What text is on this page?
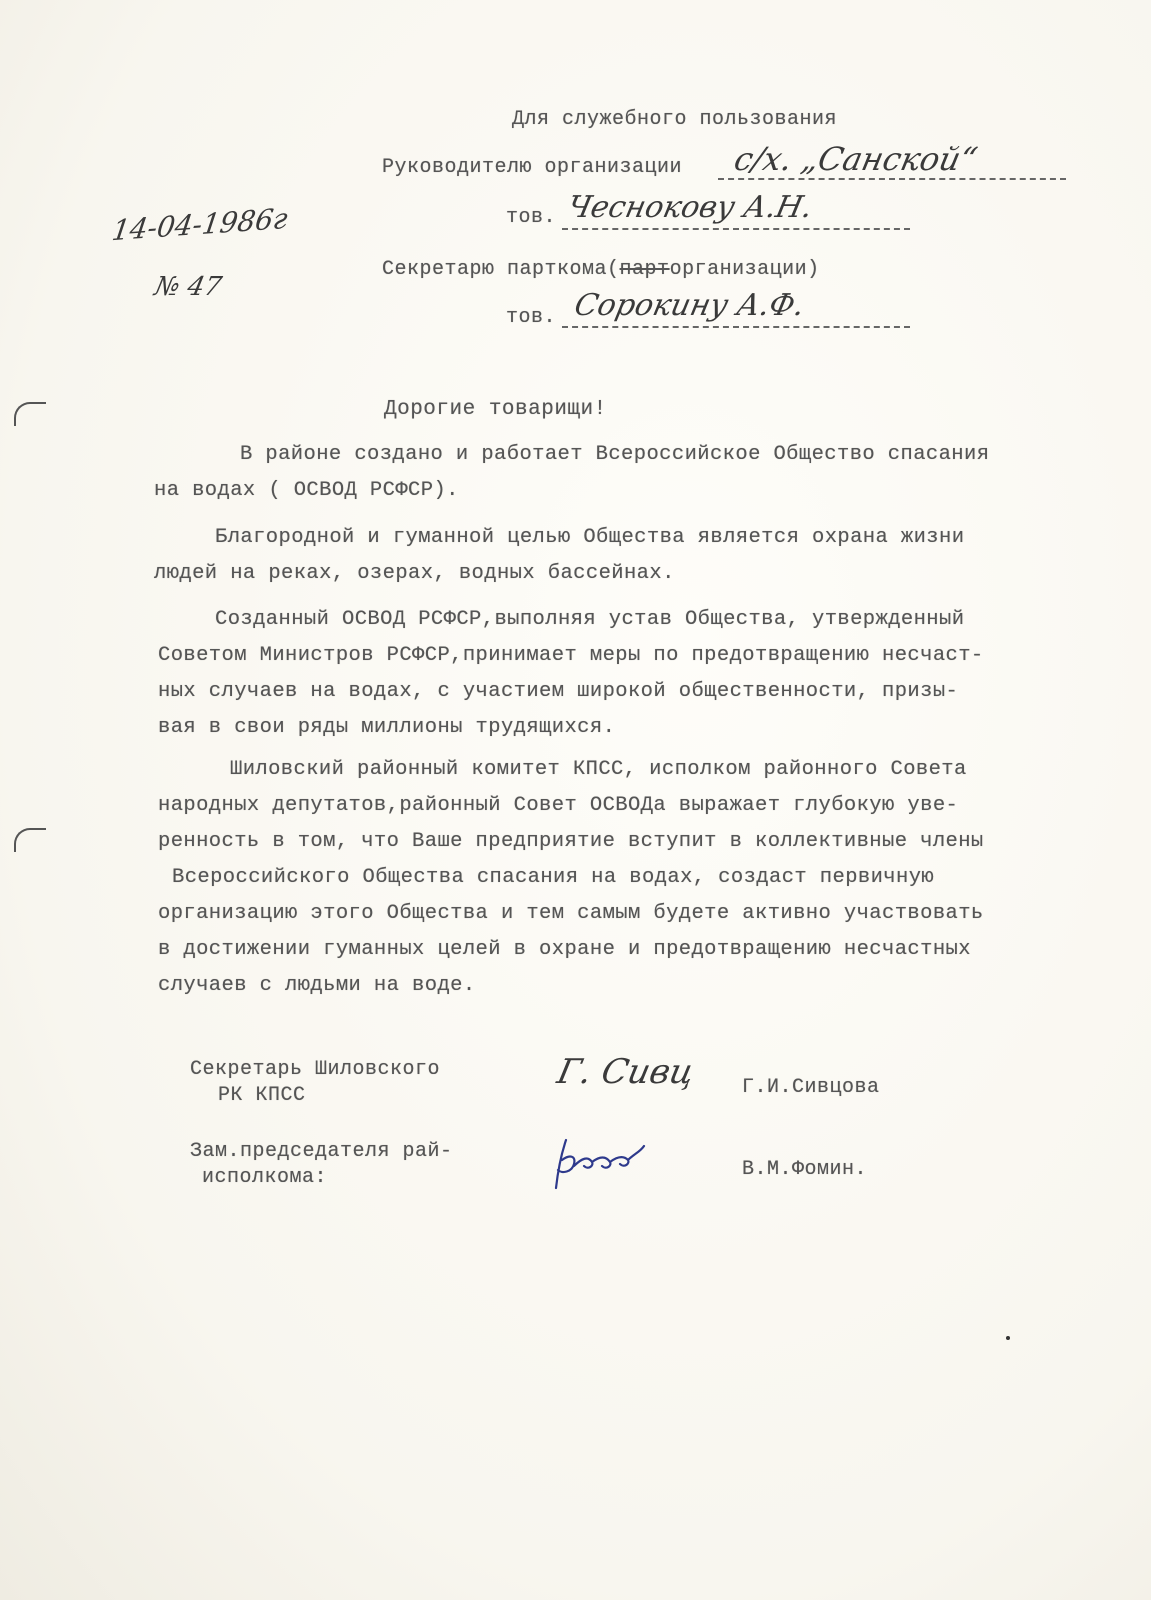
Для служебного пользования
Руководителю организации с/х. „Санской“
тов. Чеснокову А.Н.
Секретарю парткома(парторганизации)
тов. Сорокину А.Ф.
14-04-1986г
№ 47
Дорогие товарищи!
В районе создано и работает Всероссийское Общество спасания
на водах ( ОСВОД РСФСР).
Благородной и гуманной целью Общества является охрана жизни
людей на реках, озерах, водных бассейнах.
Созданный ОСВОД РСФСР,выполняя устав Общества, утвержденный
Советом Министров РСФСР,принимает меры по предотвращению несчаст-
ных случаев на водах, с участием широкой общественности, призы-
вая в свои ряды миллионы трудящихся.
Шиловский районный комитет КПСС, исполком районного Совета
народных депутатов,районный Совет ОСВОДа выражает глубокую уве-
ренность в том, что Ваше предприятие вступит в коллективные члены
Всероссийского Общества спасания на водах, создаст первичную
организацию этого Общества и тем самым будете активно участвовать
в достижении гуманных целей в охране и предотвращению несчастных
случаев с людьми на воде.
Секретарь Шиловского
РК КПСС
Г. Сивц Г.И.Сивцова
Зам.председателя рай-
исполкома:	В.М.Фомин.
